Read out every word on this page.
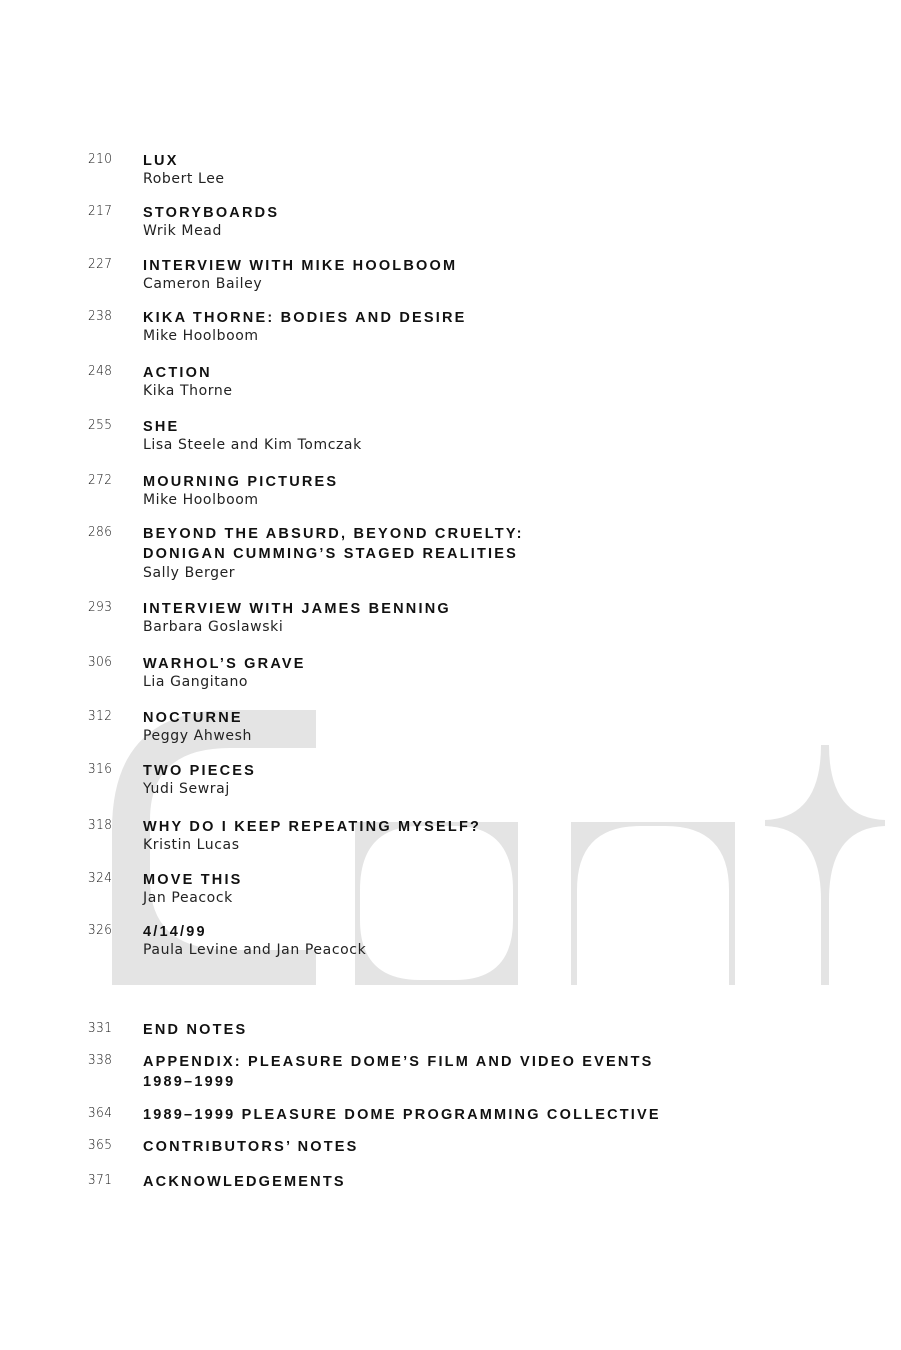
210	LUX
Robert Lee
217	STORYBOARDS
Wrik Mead
227	INTERVIEW WITH MIKE HOOLBOOM
Cameron Bailey
238	KIKA THORNE: BODIES AND DESIRE
Mike Hoolboom
248	ACTION
Kika Thorne
255	SHE
Lisa Steele and Kim Tomczak
272	MOURNING PICTURES
Mike Hoolboom
286	BEYOND THE ABSURD, BEYOND CRUELTY:
DONIGAN CUMMING’S STAGED REALITIES
Sally Berger
293	INTERVIEW WITH JAMES BENNING
Barbara Goslawski
306	WARHOL’S GRAVE
Lia Gangitano
312	NOCTURNE
Peggy Ahwesh
316	TWO PIECES
Yudi Sewraj
318	WHY DO I KEEP REPEATING MYSELF?
Kristin Lucas
324	MOVE THIS
Jan Peacock
326	4/14/99
Paula Levine and Jan Peacock
331	END NOTES
338	APPENDIX: PLEASURE DOME’S FILM AND VIDEO EVENTS
1989–1999
364	1989–1999 PLEASURE DOME PROGRAMMING COLLECTIVE
365	CONTRIBUTORS’ NOTES
371	ACKNOWLEDGEMENTS
